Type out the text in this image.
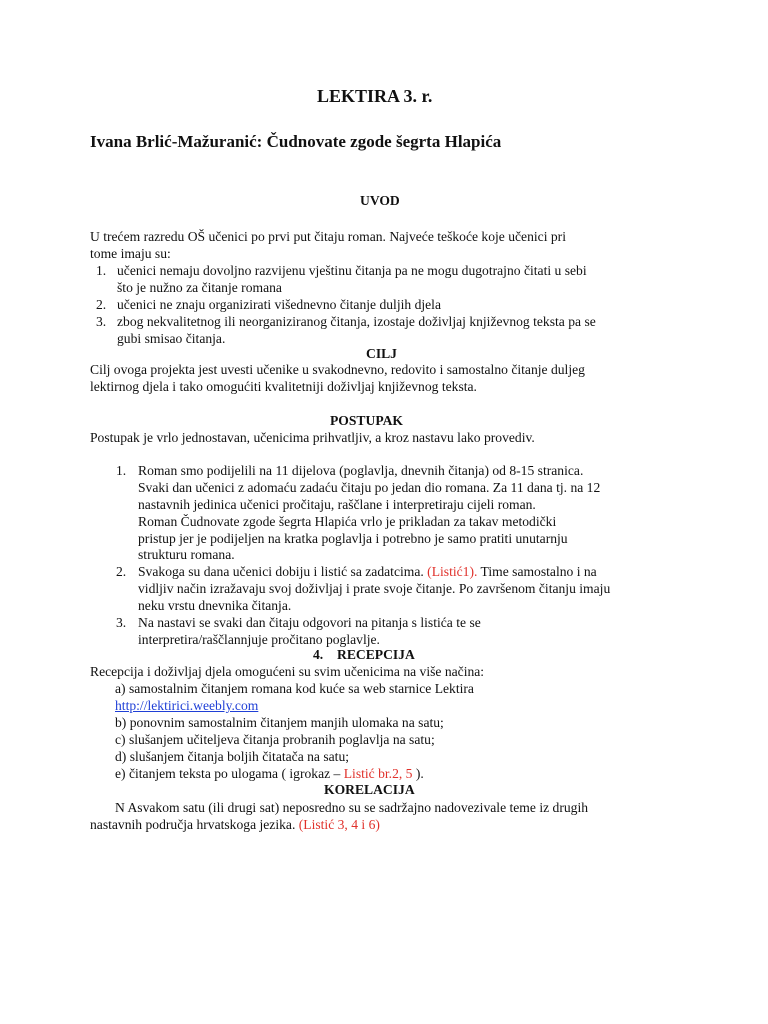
LEKTIRA 3. r.
Ivana Brlić-Mažuranić: Čudnovate zgode šegrta Hlapića
UVOD
U trećem razredu OŠ učenici po prvi put čitaju roman. Najveće teškoće koje učenici pri
tome imaju su:
1. učenici nemaju dovoljno razvijenu vještinu čitanja pa ne mogu dugotrajno čitati u sebi
što je nužno za čitanje romana
2. učenici ne znaju organizirati višednevno čitanje duljih djela
3. zbog nekvalitetnog ili neorganiziranog čitanja, izostaje doživljaj književnog teksta pa se
gubi smisao čitanja.
CILJ
Cilj ovoga projekta jest uvesti učenike u svakodnevno, redovito i samostalno čitanje duljeg
lektirnog djela i tako omogućiti kvalitetniji doživljaj književnog teksta.
POSTUPAK
Postupak je vrlo jednostavan, učenicima prihvatljiv, a kroz nastavu lako provediv.
1. Roman smo podijelili na 11 dijelova (poglavlja, dnevnih čitanja) od 8-15 stranica.
Svaki dan učenici z adomaću zadaću čitaju po jedan dio romana. Za 11 dana tj. na 12
nastavnih jedinica učenici pročitaju, raščlane i interpretiraju cijeli roman.
Roman Čudnovate zgode šegrta Hlapića vrlo je prikladan za takav metodički
pristup jer je podijeljen na kratka poglavlja i potrebno je samo pratiti unutarnju
strukturu romana.
2. Svakoga su dana učenici dobiju i listić sa zadatcima. (Listić1). Time samostalno i na
vidljiv način izražavaju svoj doživljaj i prate svoje čitanje. Po završenom čitanju imaju
neku vrstu dnevnika čitanja.
3. Na nastavi se svaki dan čitaju odgovori na pitanja s listića te se
interpretira/raščlannjuje pročitano poglavlje.
4. RECEPCIJA
Recepcija i doživljaj djela omogućeni su svim učenicima na više načina:
a) samostalnim čitanjem romana kod kuće sa web starnice Lektira
http://lektirici.weebly.com
b) ponovnim samostalnim čitanjem manjih ulomaka na satu;
c) slušanjem učiteljeva čitanja probranih poglavlja na satu;
d) slušanjem čitanja boljih čitatača na satu;
e) čitanjem teksta po ulogama ( igrokaz – Listić br.2, 5 ).
KORELACIJA
N Asvakom satu (ili drugi sat) neposredno su se sadržajno nadovezivale teme iz drugih
nastavnih područja hrvatskoga jezika. (Listić 3, 4 i 6)
